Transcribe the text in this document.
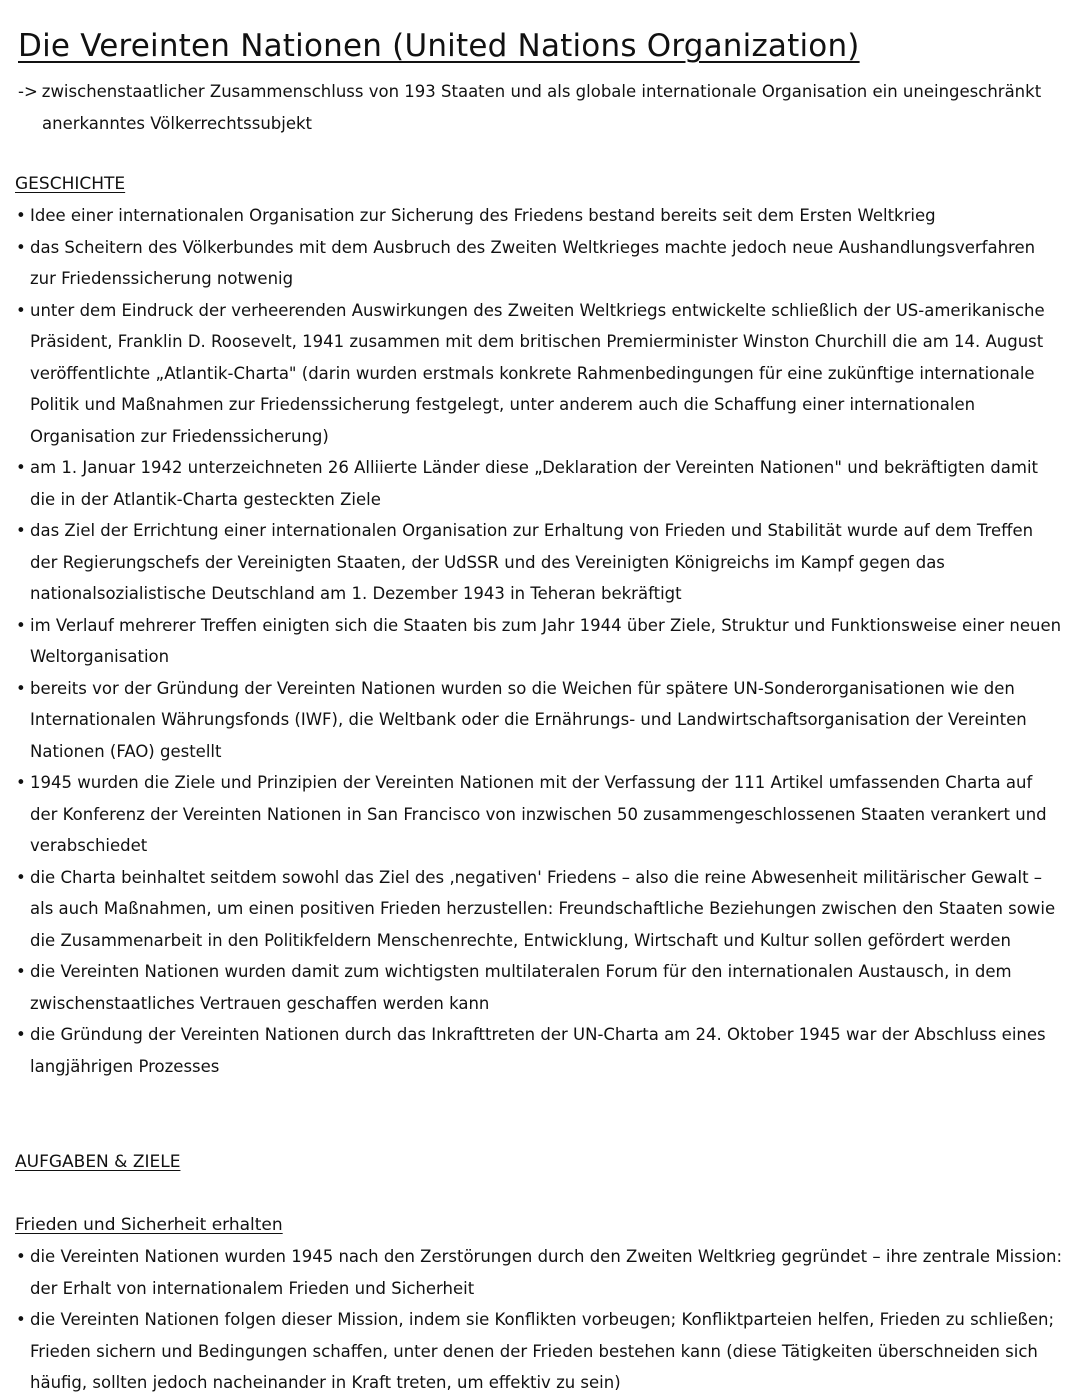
Die Vereinten Nationen (United Nations Organization)
-> zwischenstaatlicher Zusammenschluss von 193 Staaten und als globale internationale Organisation ein uneingeschränkt
anerkanntes Völkerrechtssubjekt
GESCHICHTE
• Idee einer internationalen Organisation zur Sicherung des Friedens bestand bereits seit dem Ersten Weltkrieg
• das Scheitern des Völkerbundes mit dem Ausbruch des Zweiten Weltkrieges machte jedoch neue Aushandlungsverfahren zur Friedenssicherung notwenig
• unter dem Eindruck der verheerenden Auswirkungen des Zweiten Weltkriegs entwickelte schließlich der US-amerikanische Präsident, Franklin D. Roosevelt, 1941 zusammen mit dem britischen Premierminister Winston Churchill die am 14. August veröffentlichte „Atlantik-Charta" (darin wurden erstmals konkrete Rahmenbedingungen für eine zukünftige internationale Politik und Maßnahmen zur Friedenssicherung festgelegt, unter anderem auch die Schaffung einer internationalen Organisation zur Friedenssicherung)
• am 1. Januar 1942 unterzeichneten 26 Alliierte Länder diese „Deklaration der Vereinten Nationen" und bekräftigten damit die in der Atlantik-Charta gesteckten Ziele
• das Ziel der Errichtung einer internationalen Organisation zur Erhaltung von Frieden und Stabilität wurde auf dem Treffen der Regierungschefs der Vereinigten Staaten, der UdSSR und des Vereinigten Königreichs im Kampf gegen das nationalsozialistische Deutschland am 1. Dezember 1943 in Teheran bekräftigt
• im Verlauf mehrerer Treffen einigten sich die Staaten bis zum Jahr 1944 über Ziele, Struktur und Funktionsweise einer neuen Weltorganisation
• bereits vor der Gründung der Vereinten Nationen wurden so die Weichen für spätere UN-Sonderorganisationen wie den Internationalen Währungsfonds (IWF), die Weltbank oder die Ernährungs- und Landwirtschaftsorganisation der Vereinten Nationen (FAO) gestellt
• 1945 wurden die Ziele und Prinzipien der Vereinten Nationen mit der Verfassung der 111 Artikel umfassenden Charta auf der Konferenz der Vereinten Nationen in San Francisco von inzwischen 50 zusammengeschlossenen Staaten verankert und verabschiedet
• die Charta beinhaltet seitdem sowohl das Ziel des ‚negativen' Friedens – also die reine Abwesenheit militärischer Gewalt – als auch Maßnahmen, um einen positiven Frieden herzustellen: Freundschaftliche Beziehungen zwischen den Staaten sowie die Zusammenarbeit in den Politikfeldern Menschenrechte, Entwicklung, Wirtschaft und Kultur sollen gefördert werden
• die Vereinten Nationen wurden damit zum wichtigsten multilateralen Forum für den internationalen Austausch, in dem zwischenstaatliches Vertrauen geschaffen werden kann
• die Gründung der Vereinten Nationen durch das Inkrafttreten der UN-Charta am 24. Oktober 1945 war der Abschluss eines langjährigen Prozesses
AUFGABEN & ZIELE
Frieden und Sicherheit erhalten
• die Vereinten Nationen wurden 1945 nach den Zerstörungen durch den Zweiten Weltkrieg gegründet – ihre zentrale Mission: der Erhalt von internationalem Frieden und Sicherheit
• die Vereinten Nationen folgen dieser Mission, indem sie Konflikten vorbeugen; Konfliktparteien helfen, Frieden zu schließen; Frieden sichern und Bedingungen schaffen, unter denen der Frieden bestehen kann (diese Tätigkeiten überschneiden sich häufig, sollten jedoch nacheinander in Kraft treten, um effektiv zu sein)
